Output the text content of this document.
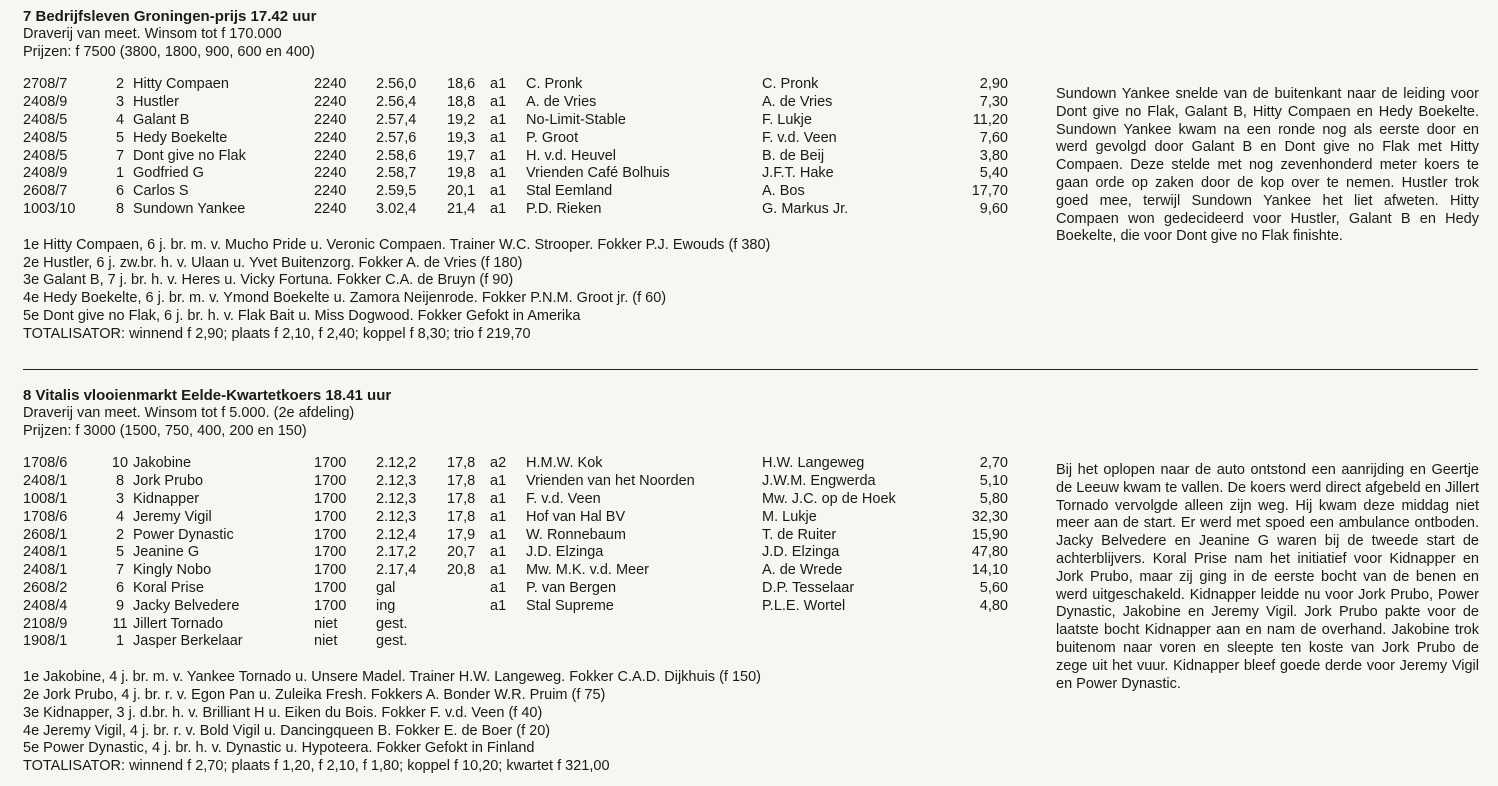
7 Bedrijfsleven Groningen-prijs 17.42 uur
Draverij van meet. Winsom tot f 170.000
Prijzen: f 7500 (3800, 1800, 900, 600 en 400)
2708/7	2 Hitty Compaen	2240 2.56,0 18,6 a1 C. Pronk	C. Pronk	2,90
2408/9	3 Hustler	2240 2.56,4 18,8 a1 A. de Vries	A. de Vries	7,30
2408/5	4 Galant B	2240 2.57,4 19,2 a1 No-Limit-Stable	F. Lukje	11,20
2408/5	5 Hedy Boekelte	2240 2.57,6 19,3 a1 P. Groot	F. v.d. Veen	7,60
2408/5	7 Dont give no Flak	2240 2.58,6 19,7 a1 H. v.d. Heuvel	B. de Beij	3,80
2408/9	1 Godfried G	2240 2.58,7 19,8 a1 Vrienden Café Bolhuis	J.F.T. Hake	5,40
2608/7	6 Carlos S	2240 2.59,5 20,1 a1 Stal Eemland	A. Bos	17,70
1003/10	8 Sundown Yankee	2240 3.02,4 21,4 a1 P.D. Rieken	G. Markus Jr.	9,60
1e Hitty Compaen, 6 j. br. m. v. Mucho Pride u. Veronic Compaen. Trainer W.C. Strooper. Fokker P.J. Ewouds (f 380)
2e Hustler, 6 j. zw.br. h. v. Ulaan u. Yvet Buitenzorg. Fokker A. de Vries (f 180)
3e Galant B, 7 j. br. h. v. Heres u. Vicky Fortuna. Fokker C.A. de Bruyn (f 90)
4e Hedy Boekelte, 6 j. br. m. v. Ymond Boekelte u. Zamora Neijenrode. Fokker P.N.M. Groot jr. (f 60)
5e Dont give no Flak, 6 j. br. h. v. Flak Bait u. Miss Dogwood. Fokker Gefokt in Amerika
TOTALISATOR: winnend f 2,90; plaats f 2,10, f 2,40; koppel f 8,30; trio f 219,70
Sundown Yankee snelde van de buitenkant naar de leiding voor Dont give no Flak, Galant B, Hitty Compaen en Hedy Boekelte. Sundown Yankee kwam na een ronde nog als eerste door en werd gevolgd door Galant B en Dont give no Flak met Hitty Compaen. Deze stelde met nog zevenhonderd meter koers te gaan orde op zaken door de kop over te nemen. Hustler trok goed mee, terwijl Sundown Yankee het liet afweten. Hitty Compaen won gedecideerd voor Hustler, Galant B en Hedy Boekelte, die voor Dont give no Flak finishte.
8 Vitalis vlooienmarkt Eelde-Kwartetkoers 18.41 uur
Draverij van meet. Winsom tot f 5.000. (2e afdeling)
Prijzen: f 3000 (1500, 750, 400, 200 en 150)
1708/6	10 Jakobine	1700 2.12,2 17,8 a2 H.M.W. Kok	H.W. Langeweg	2,70
2408/1	8 Jork Prubo	1700 2.12,3 17,8 a1 Vrienden van het Noorden	J.W.M. Engwerda	5,10
1008/1	3 Kidnapper	1700 2.12,3 17,8 a1 F. v.d. Veen	Mw. J.C. op de Hoek	5,80
1708/6	4 Jeremy Vigil	1700 2.12,3 17,8 a1 Hof van Hal BV	M. Lukje	32,30
2608/1	2 Power Dynastic	1700 2.12,4 17,9 a1 W. Ronnebaum	T. de Ruiter	15,90
2408/1	5 Jeanine G	1700 2.17,2 20,7 a1 J.D. Elzinga	J.D. Elzinga	47,80
2408/1	7 Kingly Nobo	1700 2.17,4 20,8 a1 Mw. M.K. v.d. Meer	A. de Wrede	14,10
2608/2	6 Koral Prise	1700 gal	a1 P. van Bergen	D.P. Tesselaar	5,60
2408/4	9 Jacky Belvedere	1700 ing	a1 Stal Supreme	P.L.E. Wortel	4,80
2108/9	11 Jillert Tornado	niet	gest.
1908/1	1 Jasper Berkelaar	niet	gest.
1e Jakobine, 4 j. br. m. v. Yankee Tornado u. Unsere Madel. Trainer H.W. Langeweg. Fokker C.A.D. Dijkhuis (f 150)
2e Jork Prubo, 4 j. br. r. v. Egon Pan u. Zuleika Fresh. Fokkers A. Bonder W.R. Pruim (f 75)
3e Kidnapper, 3 j. d.br. h. v. Brilliant H u. Eiken du Bois. Fokker F. v.d. Veen (f 40)
4e Jeremy Vigil, 4 j. br. r. v. Bold Vigil u. Dancingqueen B. Fokker E. de Boer (f 20)
5e Power Dynastic, 4 j. br. h. v. Dynastic u. Hypoteera. Fokker Gefokt in Finland
TOTALISATOR: winnend f 2,70; plaats f 1,20, f 2,10, f 1,80; koppel f 10,20; kwartet f 321,00
Bij het oplopen naar de auto ontstond een aanrijding en Geertje de Leeuw kwam te vallen. De koers werd direct afgebeld en Jillert Tornado vervolgde alleen zijn weg. Hij kwam deze middag niet meer aan de start. Er werd met spoed een ambulance ontboden. Jacky Belvedere en Jeanine G waren bij de tweede start de achterblijvers. Koral Prise nam het initiatief voor Kidnapper en Jork Prubo, maar zij ging in de eerste bocht van de benen en werd uitgeschakeld. Kidnapper leidde nu voor Jork Prubo, Power Dynastic, Jakobine en Jeremy Vigil. Jork Prubo pakte voor de laatste bocht Kidnapper aan en nam de overhand. Jakobine trok buitenom naar voren en sleepte ten koste van Jork Prubo de zege uit het vuur. Kidnapper bleef goede derde voor Jeremy Vigil en Power Dynastic.
